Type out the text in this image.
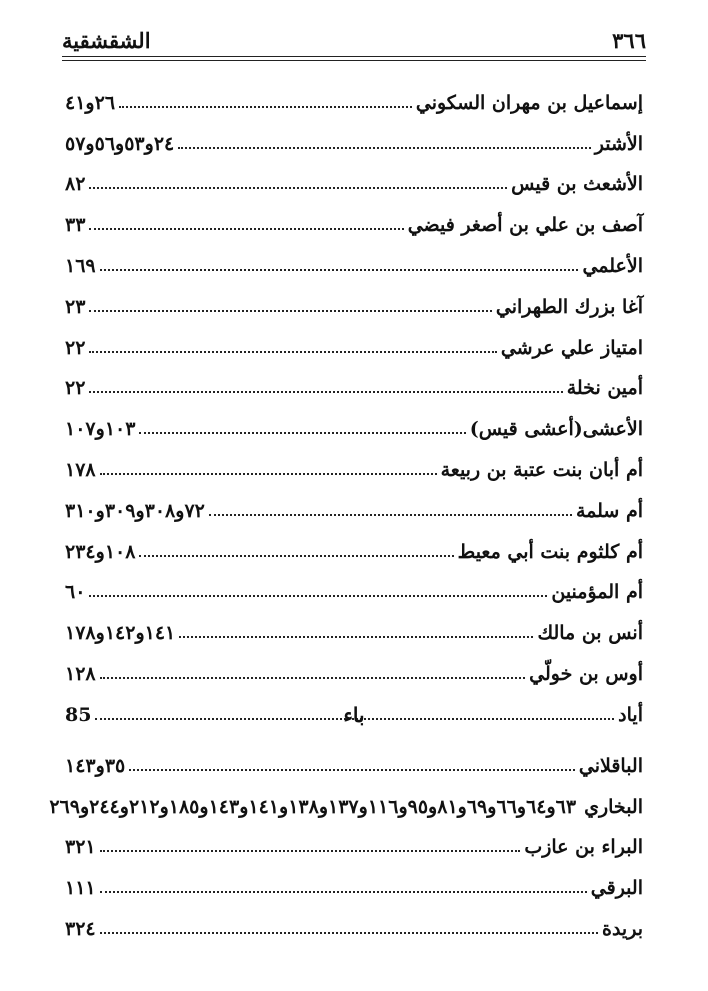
٣٦٦
الشقشقية
إسماعيل بن مهران السكوني
٢٦و٤١
الأشتر
٢٤و٥٣و٥٦و٥٧
الأشعث بن قيس
٨٢
آصف بن علي بن أصغر فيضي
٣٣
الأعلمي
١٦٩
آغا بزرك الطهراني
٢٣
امتياز علي عرشي
٢٢
أمين نخلة
٢٢
الأعشى(أعشى قيس)
١٠٣و١٠٧
أم أبان بنت عتبة بن ربيعة
١٧٨
أم سلمة
٧٢و٣٠٨و٣٠٩و٣١٠
أم كلثوم بنت أبي معيط
١٠٨و٢٣٤
أم المؤمنين
٦٠
أنس بن مالك
١٤١و١٤٢و١٧٨
أوس بن خولّي
١٢٨
أياد
85	باء
الباقلاني
٣٥و١٤٣
البخاري
٦٣و٦٤و٦٦و٦٩و٨١و٩٥و١١٦و١٣٧و١٣٨و١٤١و١٤٣و١٨٥و٢١٢و٢٤٤و٢٦٩
البراء بن عازب
٣٢١
البرقي
١١١
بريدة
٣٢٤
